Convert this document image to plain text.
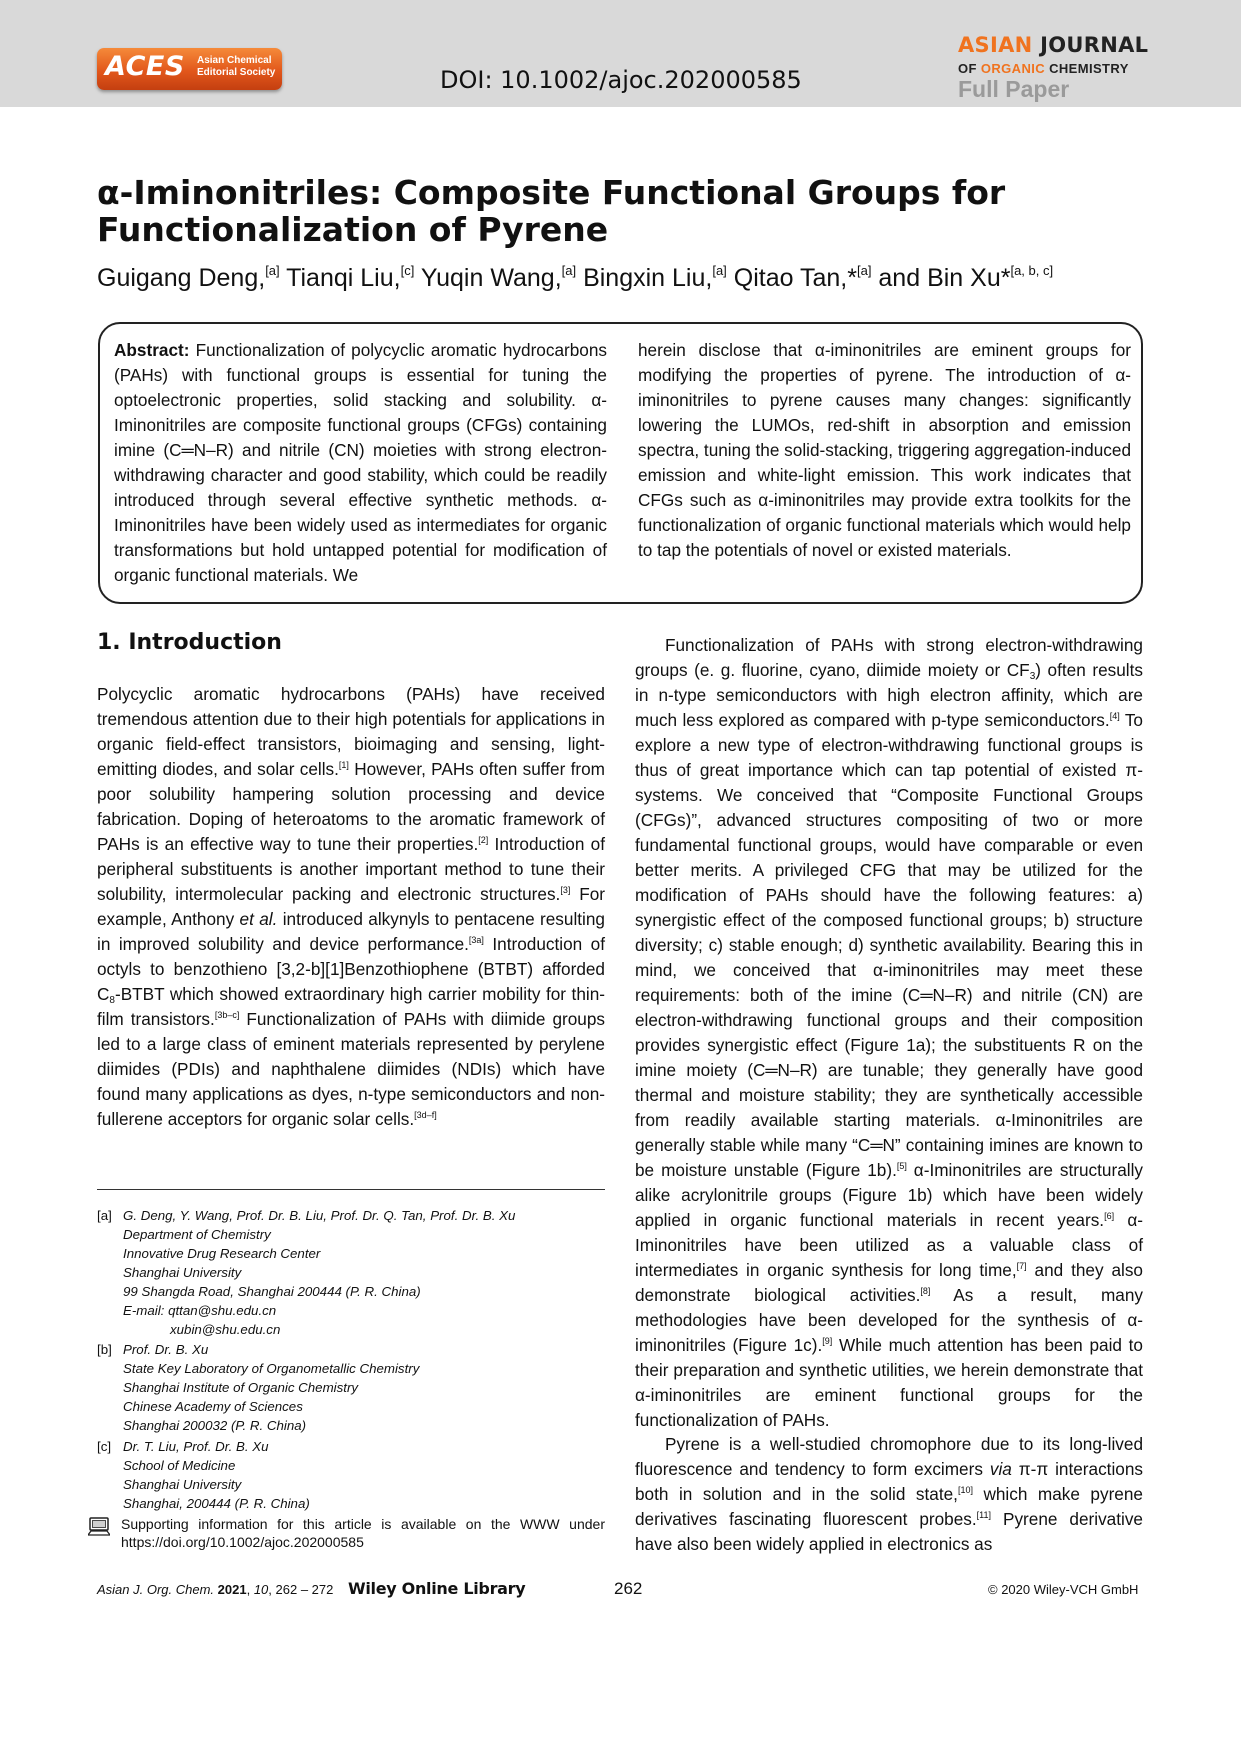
ACES Asian Chemical Editorial Society	DOI: 10.1002/ajoc.202000585
ASIAN JOURNAL
OF ORGANIC CHEMISTRY
Full Paper
α-Iminonitriles: Composite Functional Groups for Functionalization of Pyrene
Guigang Deng,[a] Tianqi Liu,[c] Yuqin Wang,[a] Bingxin Liu,[a] Qitao Tan,*[a] and Bin Xu*[a, b, c]
Abstract: Functionalization of polycyclic aromatic hydrocarbons (PAHs) with functional groups is essential for tuning the optoelectronic properties, solid stacking and solubility. α-Iminonitriles are composite functional groups (CFGs) containing imine (C═N–R) and nitrile (CN) moieties with strong electron-withdrawing character and good stability, which could be readily introduced through several effective synthetic methods. α-Iminonitriles have been widely used as intermediates for organic transformations but hold untapped potential for modification of organic functional materials. We
herein disclose that α-iminonitriles are eminent groups for modifying the properties of pyrene. The introduction of α-iminonitriles to pyrene causes many changes: significantly lowering the LUMOs, red-shift in absorption and emission spectra, tuning the solid-stacking, triggering aggregation-induced emission and white-light emission. This work indicates that CFGs such as α-iminonitriles may provide extra toolkits for the functionalization of organic functional materials which would help to tap the potentials of novel or existed materials.
1. Introduction
Polycyclic aromatic hydrocarbons (PAHs) have received tremendous attention due to their high potentials for applications in organic field-effect transistors, bioimaging and sensing, light-emitting diodes, and solar cells.[1] However, PAHs often suffer from poor solubility hampering solution processing and device fabrication. Doping of heteroatoms to the aromatic framework of PAHs is an effective way to tune their properties.[2] Introduction of peripheral substituents is another important method to tune their solubility, intermolecular packing and electronic structures.[3] For example, Anthony et al. introduced alkynyls to pentacene resulting in improved solubility and device performance.[3a] Introduction of octyls to benzothieno [3,2-b][1]Benzothiophene (BTBT) afforded $C_8$-BTBT which showed extraordinary high carrier mobility for thin-film transistors.[3b–c] Functionalization of PAHs with diimide groups led to a large class of eminent materials represented by perylene diimides (PDIs) and naphthalene diimides (NDIs) which have found many applications as dyes, n-type semiconductors and non-fullerene acceptors for organic solar cells.[3d–f]
Functionalization of PAHs with strong electron-withdrawing groups (e. g. fluorine, cyano, diimide moiety or $CF_3$) often results in n-type semiconductors with high electron affinity, which are much less explored as compared with p-type semiconductors.[4] To explore a new type of electron-withdrawing functional groups is thus of great importance which can tap potential of existed π-systems. We conceived that “Composite Functional Groups (CFGs)”, advanced structures compositing of two or more fundamental functional groups, would have comparable or even better merits. A privileged CFG that may be utilized for the modification of PAHs should have the following features: a) synergistic effect of the composed functional groups; b) structure diversity; c) stable enough; d) synthetic availability. Bearing this in mind, we conceived that α-iminonitriles may meet these requirements: both of the imine (C═N–R) and nitrile (CN) are electron-withdrawing functional groups and their composition provides synergistic effect (Figure 1a); the substituents R on the imine moiety (C═N–R) are tunable; they generally have good thermal and moisture stability; they are synthetically accessible from readily available starting materials. α-Iminonitriles are generally stable while many “C═N” containing imines are known to be moisture unstable (Figure 1b).[5] α-Iminonitriles are structurally alike acrylonitrile groups (Figure 1b) which have been widely applied in organic functional materials in recent years.[6] α-Iminonitriles have been utilized as a valuable class of intermediates in organic synthesis for long time,[7] and they also demonstrate biological activities.[8] As a result, many methodologies have been developed for the synthesis of α-iminonitriles (Figure 1c).[9] While much attention has been paid to their preparation and synthetic utilities, we herein demonstrate that α-iminonitriles are eminent functional groups for the functionalization of PAHs.
Pyrene is a well-studied chromophore due to its long-lived fluorescence and tendency to form excimers via π-π interactions both in solution and in the solid state,[10] which make pyrene derivatives fascinating fluorescent probes.[11] Pyrene derivative have also been widely applied in electronics as
[a] G. Deng, Y. Wang, Prof. Dr. B. Liu, Prof. Dr. Q. Tan, Prof. Dr. B. Xu
Department of Chemistry
Innovative Drug Research Center
Shanghai University
99 Shangda Road, Shanghai 200444 (P. R. China)
E-mail: qttan@shu.edu.cn
xubin@shu.edu.cn
[b] Prof. Dr. B. Xu
State Key Laboratory of Organometallic Chemistry
Shanghai Institute of Organic Chemistry
Chinese Academy of Sciences
Shanghai 200032 (P. R. China)
[c] Dr. T. Liu, Prof. Dr. B. Xu
School of Medicine
Shanghai University
Shanghai, 200444 (P. R. China)
Supporting information for this article is available on the WWW under https://doi.org/10.1002/ajoc.202000585
Asian J. Org. Chem. 2021, 10, 262 – 272 Wiley Online Library	262	© 2020 Wiley-VCH GmbH
